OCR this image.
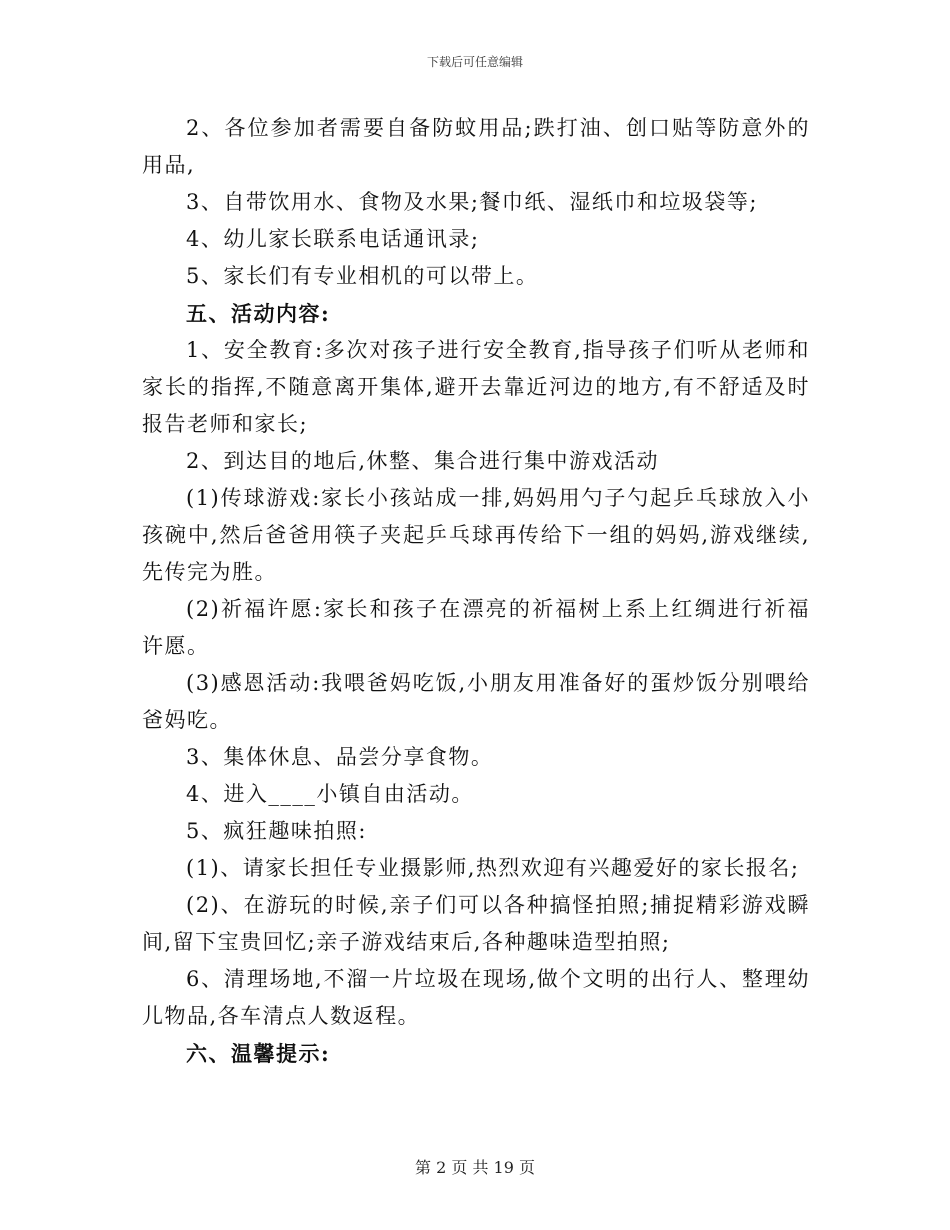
下载后可任意编辑
2、各位参加者需要自备防蚊用品;跌打油、创口贴等防意外的用品,
3、自带饮用水、食物及水果;餐巾纸、湿纸巾和垃圾袋等;
4、幼儿家长联系电话通讯录;
5、家长们有专业相机的可以带上。
五、活动内容:
1、安全教育:多次对孩子进行安全教育,指导孩子们听从老师和家长的指挥,不随意离开集体,避开去靠近河边的地方,有不舒适及时报告老师和家长;
2、到达目的地后,休整、集合进行集中游戏活动
(1)传球游戏:家长小孩站成一排,妈妈用勺子勺起乒乓球放入小孩碗中,然后爸爸用筷子夹起乒乓球再传给下一组的妈妈,游戏继续,先传完为胜。
(2)祈福许愿:家长和孩子在漂亮的祈福树上系上红绸进行祈福许愿。
(3)感恩活动:我喂爸妈吃饭,小朋友用准备好的蛋炒饭分别喂给爸妈吃。
3、集体休息、品尝分享食物。
4、进入____小镇自由活动。
5、疯狂趣味拍照:
(1)、请家长担任专业摄影师,热烈欢迎有兴趣爱好的家长报名;
(2)、在游玩的时候,亲子们可以各种搞怪拍照;捕捉精彩游戏瞬间,留下宝贵回忆;亲子游戏结束后,各种趣味造型拍照;
6、清理场地,不溜一片垃圾在现场,做个文明的出行人、整理幼儿物品,各车清点人数返程。
六、温馨提示:
第 2 页 共 19 页
